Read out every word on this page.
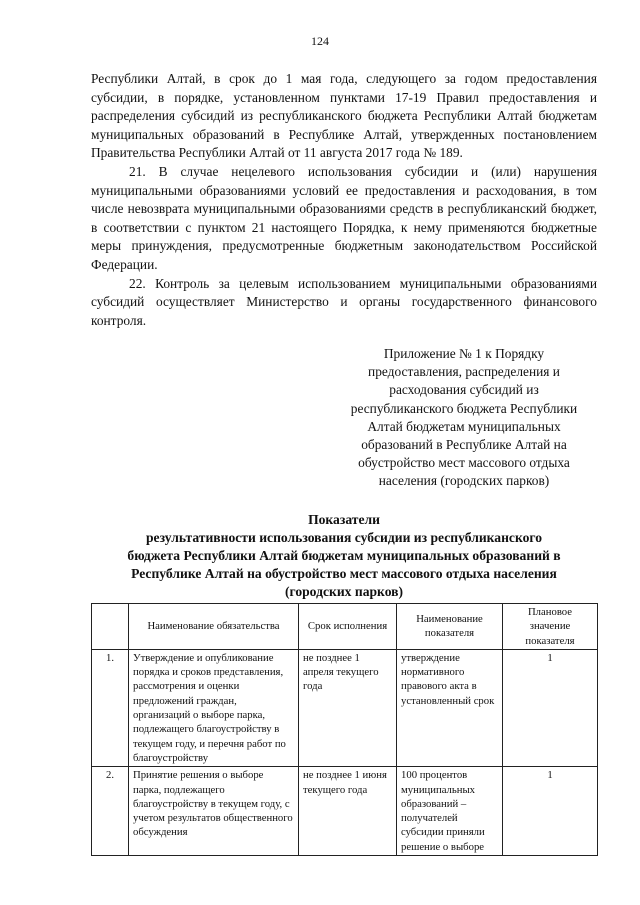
124

Республики Алтай, в срок до 1 мая года, следующего за годом предоставления субсидии, в порядке, установленном пунктами 17-19 Правил предоставления и распределения субсидий из республиканского бюджета Республики Алтай бюджетам муниципальных образований в Республике Алтай, утвержденных постановлением Правительства Республики Алтай от 11 августа 2017 года № 189.

21. В случае нецелевого использования субсидии и (или) нарушения муниципальными образованиями условий ее предоставления и расходования, в том числе невозврата муниципальными образованиями средств в республиканский бюджет, в соответствии с пунктом 21 настоящего Порядка, к нему применяются бюджетные меры принуждения, предусмотренные бюджетным законодательством Российской Федерации.

22. Контроль за целевым использованием муниципальными образованиями субсидий осуществляет Министерство и органы государственного финансового контроля.

Приложение № 1 к Порядку
предоставления, распределения и
расходования субсидий из
республиканского бюджета Республики
Алтай бюджетам муниципальных
образований в Республике Алтай на
обустройство мест массового отдыха
населения (городских парков)
Показатели
результативности использования субсидии из республиканского
бюджета Республики Алтай бюджетам муниципальных образований в
Республике Алтай на обустройство мест массового отдыха населения
(городских парков)
	Наименование обязательства	Срок исполнения	Наименование показателя	Плановое значение показателя
1.	Утверждение и опубликование порядка и сроков представления, рассмотрения и оценки предложений граждан, организаций о выборе парка, подлежащего благоустройству в текущем году, и перечня работ по благоустройству	не позднее 1 апреля текущего года	утверждение нормативного правового акта в установленный срок	1
2.	Принятие решения о выборе парка, подлежащего благоустройству в текущем году, с учетом результатов общественного обсуждения	не позднее 1 июня текущего года	100 процентов муниципальных образований – получателей субсидии приняли решение о выборе	1
